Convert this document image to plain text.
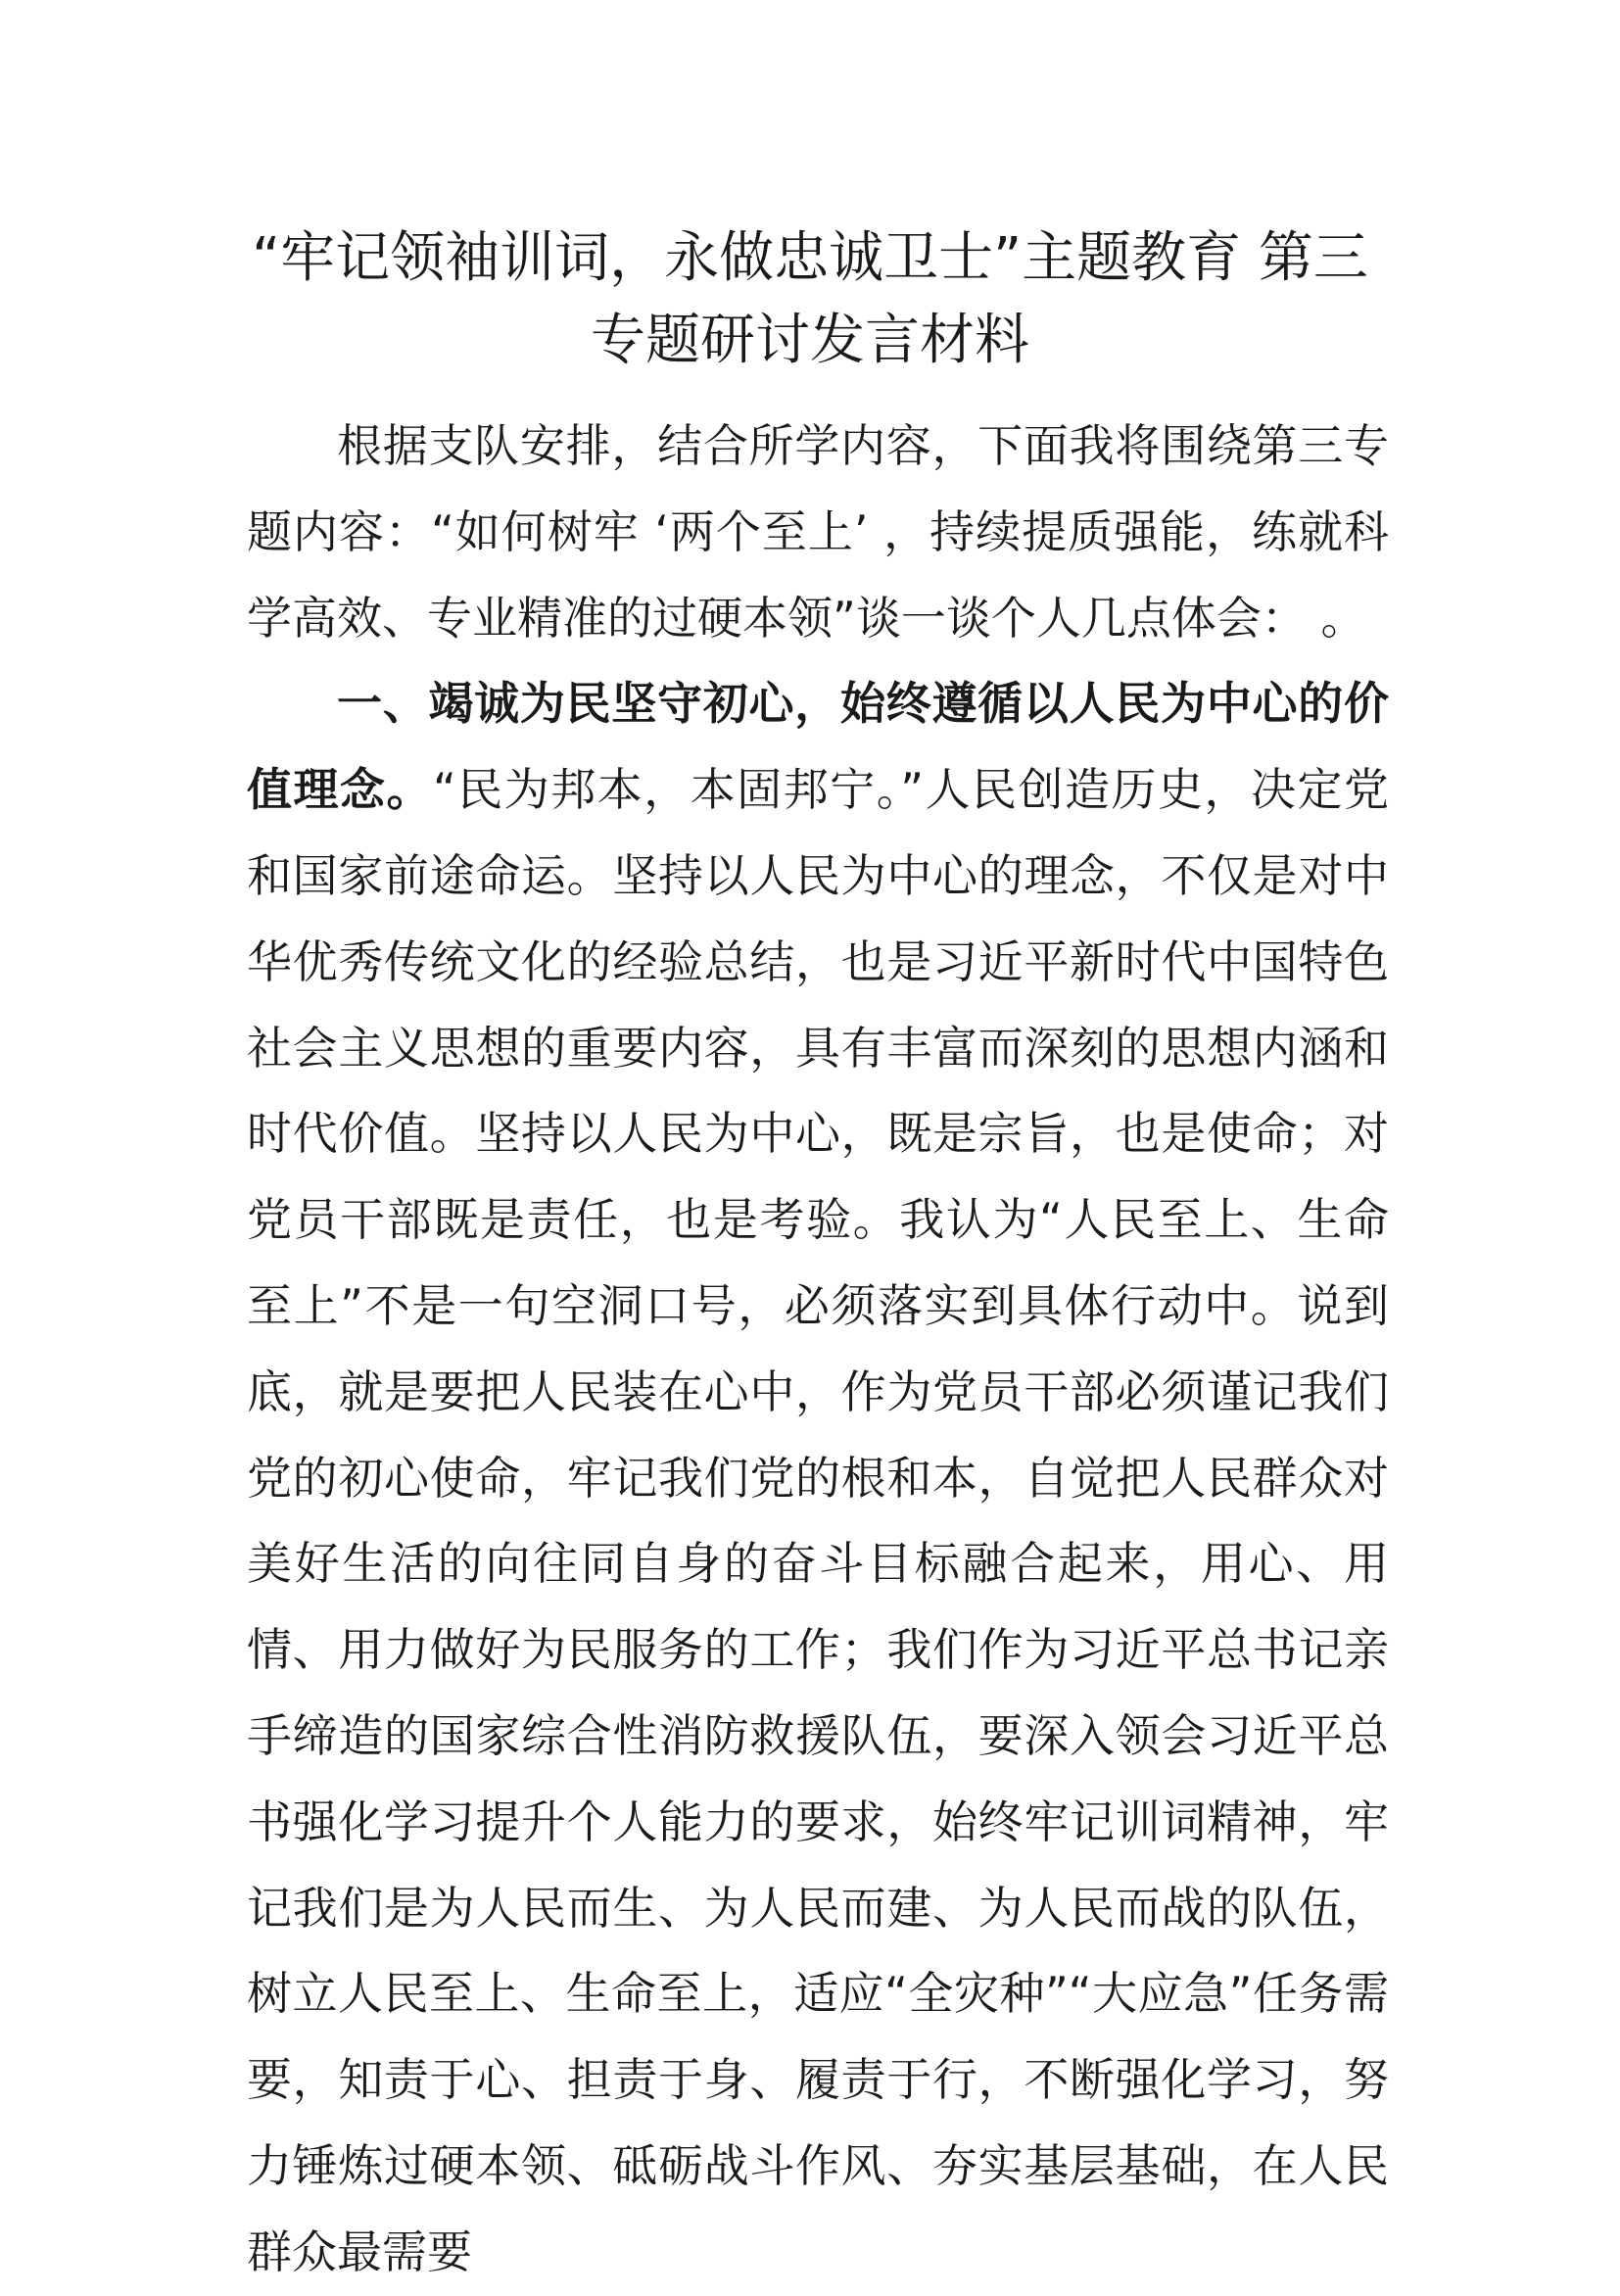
“牢记领袖训词，永做忠诚卫士”主题教育 第三专题研讨发言材料

根据支队安排，结合所学内容，下面我将围绕第三专题内容：“如何树牢 ‘两个至上’ ，持续提质强能，练就科学高效、专业精准的过硬本领”谈一谈个人几点体会： 。

一、竭诚为民坚守初心，始终遵循以人民为中心的价值理念。“民为邦本，本固邦宁。”人民创造历史，决定党和国家前途命运。坚持以人民为中心的理念，不仅是对中华优秀传统文化的经验总结，也是习近平新时代中国特色社会主义思想的重要内容，具有丰富而深刻的思想内涵和时代价值。坚持以人民为中心，既是宗旨，也是使命；对党员干部既是责任，也是考验。我认为“人民至上、生命至上”不是一句空洞口号，必须落实到具体行动中。说到底，就是要把人民装在心中，作为党员干部必须谨记我们党的初心使命，牢记我们党的根和本，自觉把人民群众对美好生活的向往同自身的奋斗目标融合起来，用心、用情、用力做好为民服务的工作；我们作为习近平总书记亲手缔造的国家综合性消防救援队伍，要深入领会习近平总书强化学习提升个人能力的要求，始终牢记训词精神，牢记我们是为人民而生、为人民而建、为人民而战的队伍，树立人民至上、生命至上，适应“全灾种”“大应急”任务需要，知责于心、担责于身、履责于行，不断强化学习，努力锤炼过硬本领、砥砺战斗作风、夯实基层基础，在人民群众最需要
